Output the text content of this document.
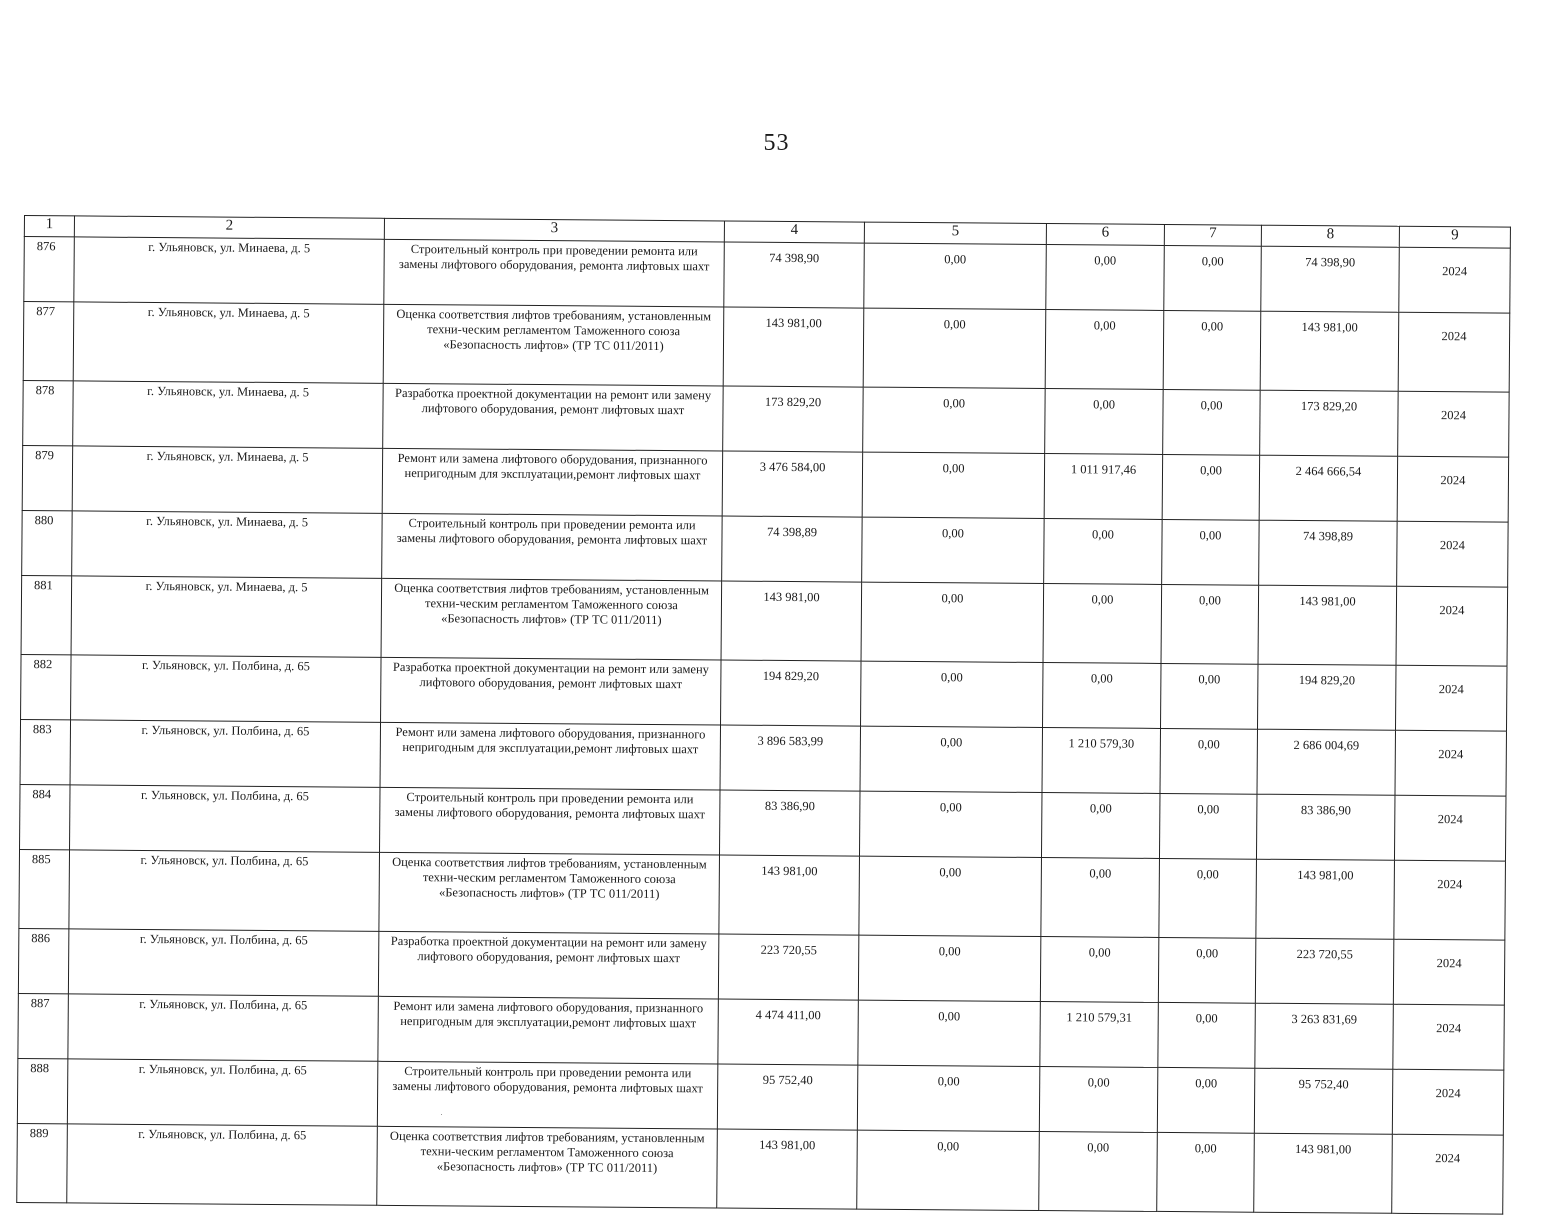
53
1	2	3	4	5	6	7	8	9
876	г. Ульяновск, ул. Минаева, д. 5	Строительный контроль при проведении ремонта или замены лифтового оборудования, ремонта лифтовых шахт	74 398,90	0,00	0,00	0,00	74 398,90	2024
877	г. Ульяновск, ул. Минаева, д. 5	Оценка соответствия лифтов требованиям, установленным техни-ческим регламентом Таможенного союза «Безопасность лифтов» (ТР ТС 011/2011)	143 981,00	0,00	0,00	0,00	143 981,00	2024
878	г. Ульяновск, ул. Минаева, д. 5	Разработка проектной документации на ремонт или замену лифтового оборудования, ремонт лифтовых шахт	173 829,20	0,00	0,00	0,00	173 829,20	2024
879	г. Ульяновск, ул. Минаева, д. 5	Ремонт или замена лифтового оборудования, признанного непригодным для эксплуатации,ремонт лифтовых шахт	3 476 584,00	0,00	1 011 917,46	0,00	2 464 666,54	2024
880	г. Ульяновск, ул. Минаева, д. 5	Строительный контроль при проведении ремонта или замены лифтового оборудования, ремонта лифтовых шахт	74 398,89	0,00	0,00	0,00	74 398,89	2024
881	г. Ульяновск, ул. Минаева, д. 5	Оценка соответствия лифтов требованиям, установленным техни-ческим регламентом Таможенного союза «Безопасность лифтов» (ТР ТС 011/2011)	143 981,00	0,00	0,00	0,00	143 981,00	2024
882	г. Ульяновск, ул. Полбина, д. 65	Разработка проектной документации на ремонт или замену лифтового оборудования, ремонт лифтовых шахт	194 829,20	0,00	0,00	0,00	194 829,20	2024
883	г. Ульяновск, ул. Полбина, д. 65	Ремонт или замена лифтового оборудования, признанного непригодным для эксплуатации,ремонт лифтовых шахт	3 896 583,99	0,00	1 210 579,30	0,00	2 686 004,69	2024
884	г. Ульяновск, ул. Полбина, д. 65	Строительный контроль при проведении ремонта или замены лифтового оборудования, ремонта лифтовых шахт	83 386,90	0,00	0,00	0,00	83 386,90	2024
885	г. Ульяновск, ул. Полбина, д. 65	Оценка соответствия лифтов требованиям, установленным техни-ческим регламентом Таможенного союза «Безопасность лифтов» (ТР ТС 011/2011)	143 981,00	0,00	0,00	0,00	143 981,00	2024
886	г. Ульяновск, ул. Полбина, д. 65	Разработка проектной документации на ремонт или замену лифтового оборудования, ремонт лифтовых шахт	223 720,55	0,00	0,00	0,00	223 720,55	2024
887	г. Ульяновск, ул. Полбина, д. 65	Ремонт или замена лифтового оборудования, признанного непригодным для эксплуатации,ремонт лифтовых шахт	4 474 411,00	0,00	1 210 579,31	0,00	3 263 831,69	2024
888	г. Ульяновск, ул. Полбина, д. 65	Строительный контроль при проведении ремонта или замены лифтового оборудования, ремонта лифтовых шахт	95 752,40	0,00	0,00	0,00	95 752,40	2024
889	г. Ульяновск, ул. Полбина, д. 65	Оценка соответствия лифтов требованиям, установленным техни-ческим регламентом Таможенного союза «Безопасность лифтов» (ТР ТС 011/2011)	143 981,00	0,00	0,00	0,00	143 981,00	2024
